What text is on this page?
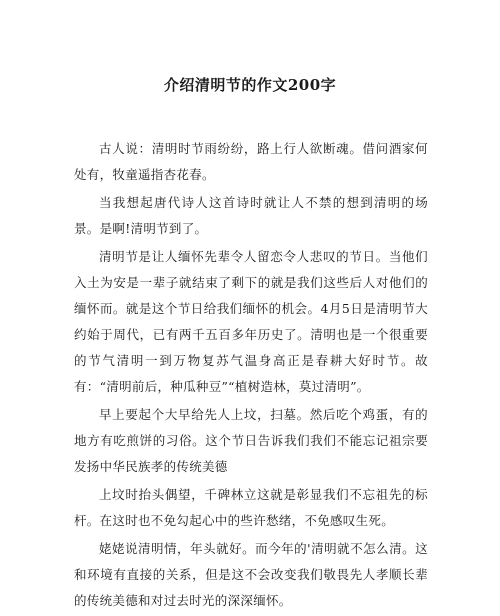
介绍清明节的作文200字

古人说：清明时节雨纷纷，路上行人欲断魂。借问酒家何处有，牧童遥指杏花春。

当我想起唐代诗人这首诗时就让人不禁的想到清明的场景。是啊!清明节到了。

清明节是让人缅怀先辈令人留恋令人悲叹的节日。当他们入土为安是一辈子就结束了剩下的就是我们这些后人对他们的缅怀而。就是这个节日给我们缅怀的机会。4月5日是清明节大约始于周代，已有两千五百多年历史了。清明也是一个很重要的节气清明一到万物复苏气温身高正是春耕大好时节。故有：“清明前后，种瓜种豆”“植树造林，莫过清明”。

早上要起个大早给先人上坟，扫墓。然后吃个鸡蛋，有的地方有吃煎饼的习俗。这个节日告诉我们我们不能忘记祖宗要发扬中华民族孝的传统美德

上坟时抬头偶望，千碑林立这就是彰显我们不忘祖先的标杆。在这时也不免勾起心中的些许愁绪，不免感叹生死。

姥姥说清明情，年头就好。而今年的'清明就不怎么清。这和环境有直接的关系，但是这不会改变我们敬畏先人孝顺长辈的传统美德和对过去时光的深深缅怀。
